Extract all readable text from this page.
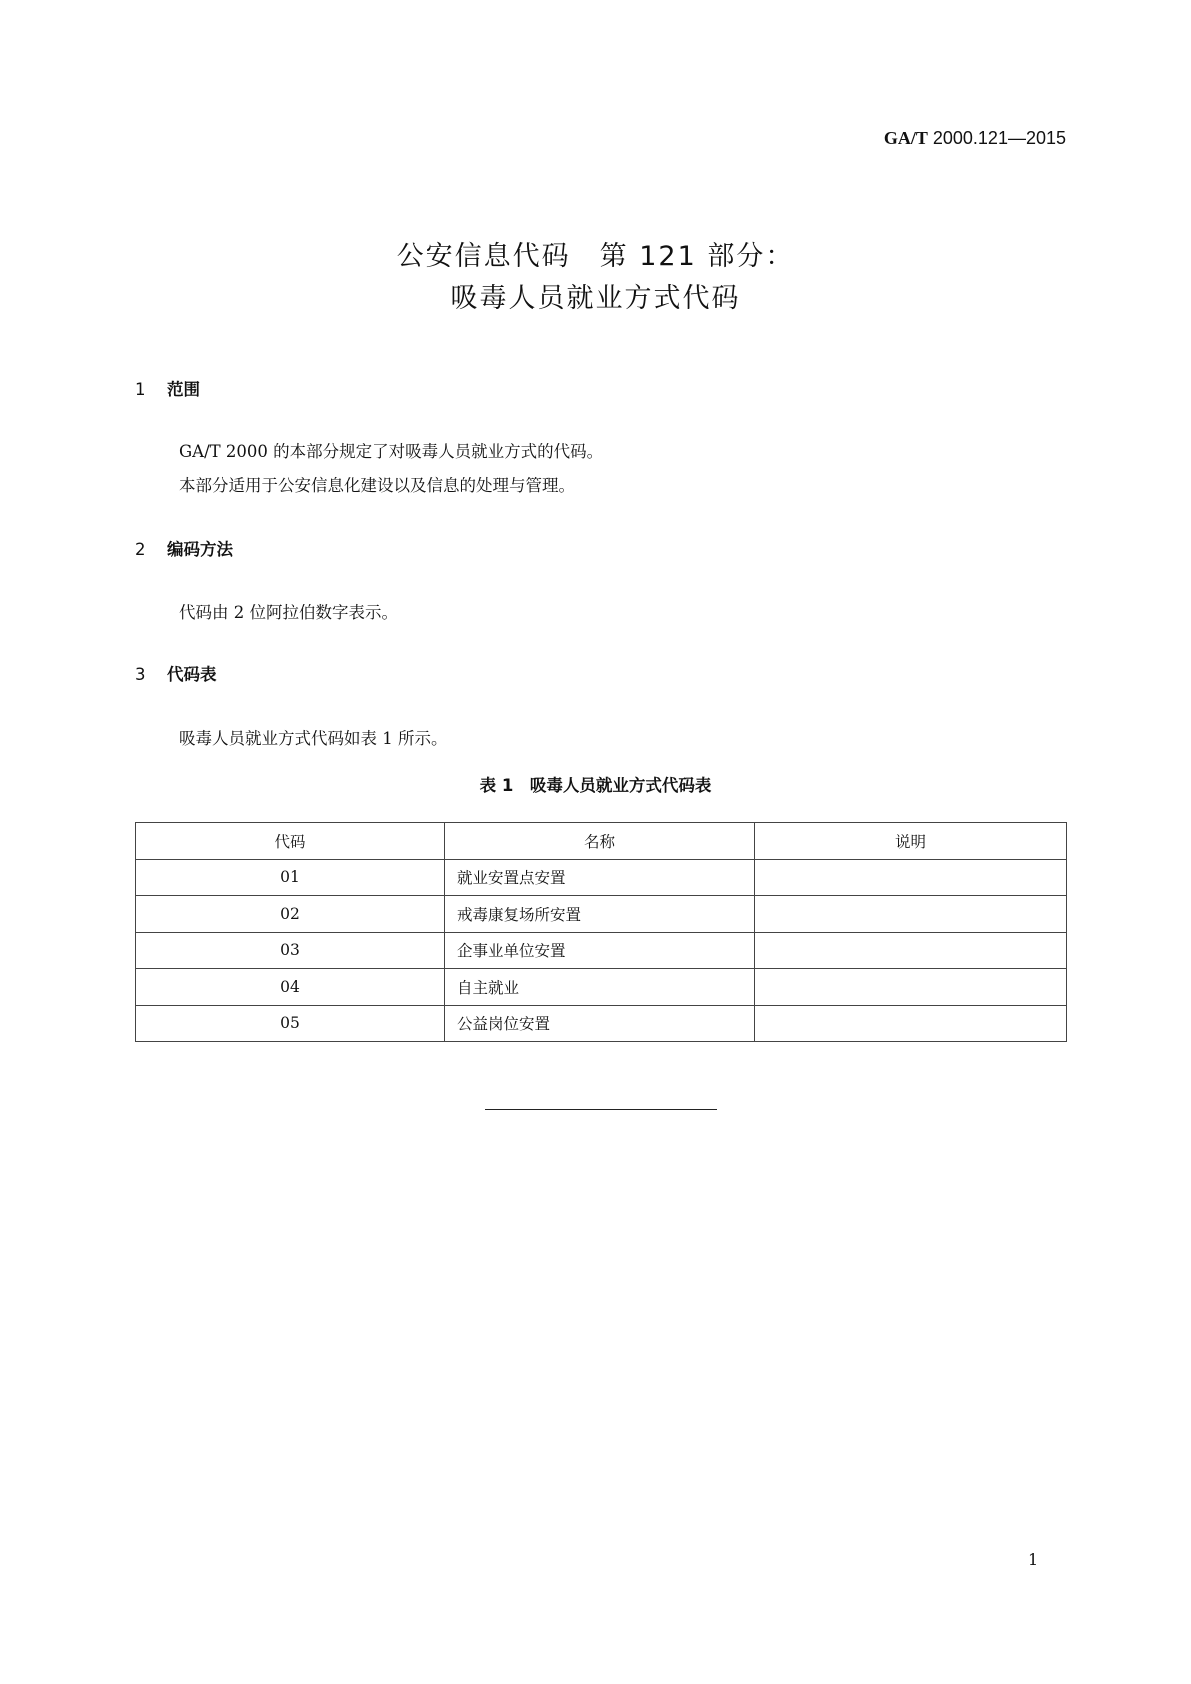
GA/T 2000.121—2015
公安信息代码　第 121 部分：
吸毒人员就业方式代码
1 范围
GA/T 2000 的本部分规定了对吸毒人员就业方式的代码。
本部分适用于公安信息化建设以及信息的处理与管理。
2 编码方法
代码由 2 位阿拉伯数字表示。
3 代码表
吸毒人员就业方式代码如表 1 所示。
表 1　吸毒人员就业方式代码表
代码	名称	说明
01	就业安置点安置	
02	戒毒康复场所安置	
03	企事业单位安置	
04	自主就业	
05	公益岗位安置	
1
